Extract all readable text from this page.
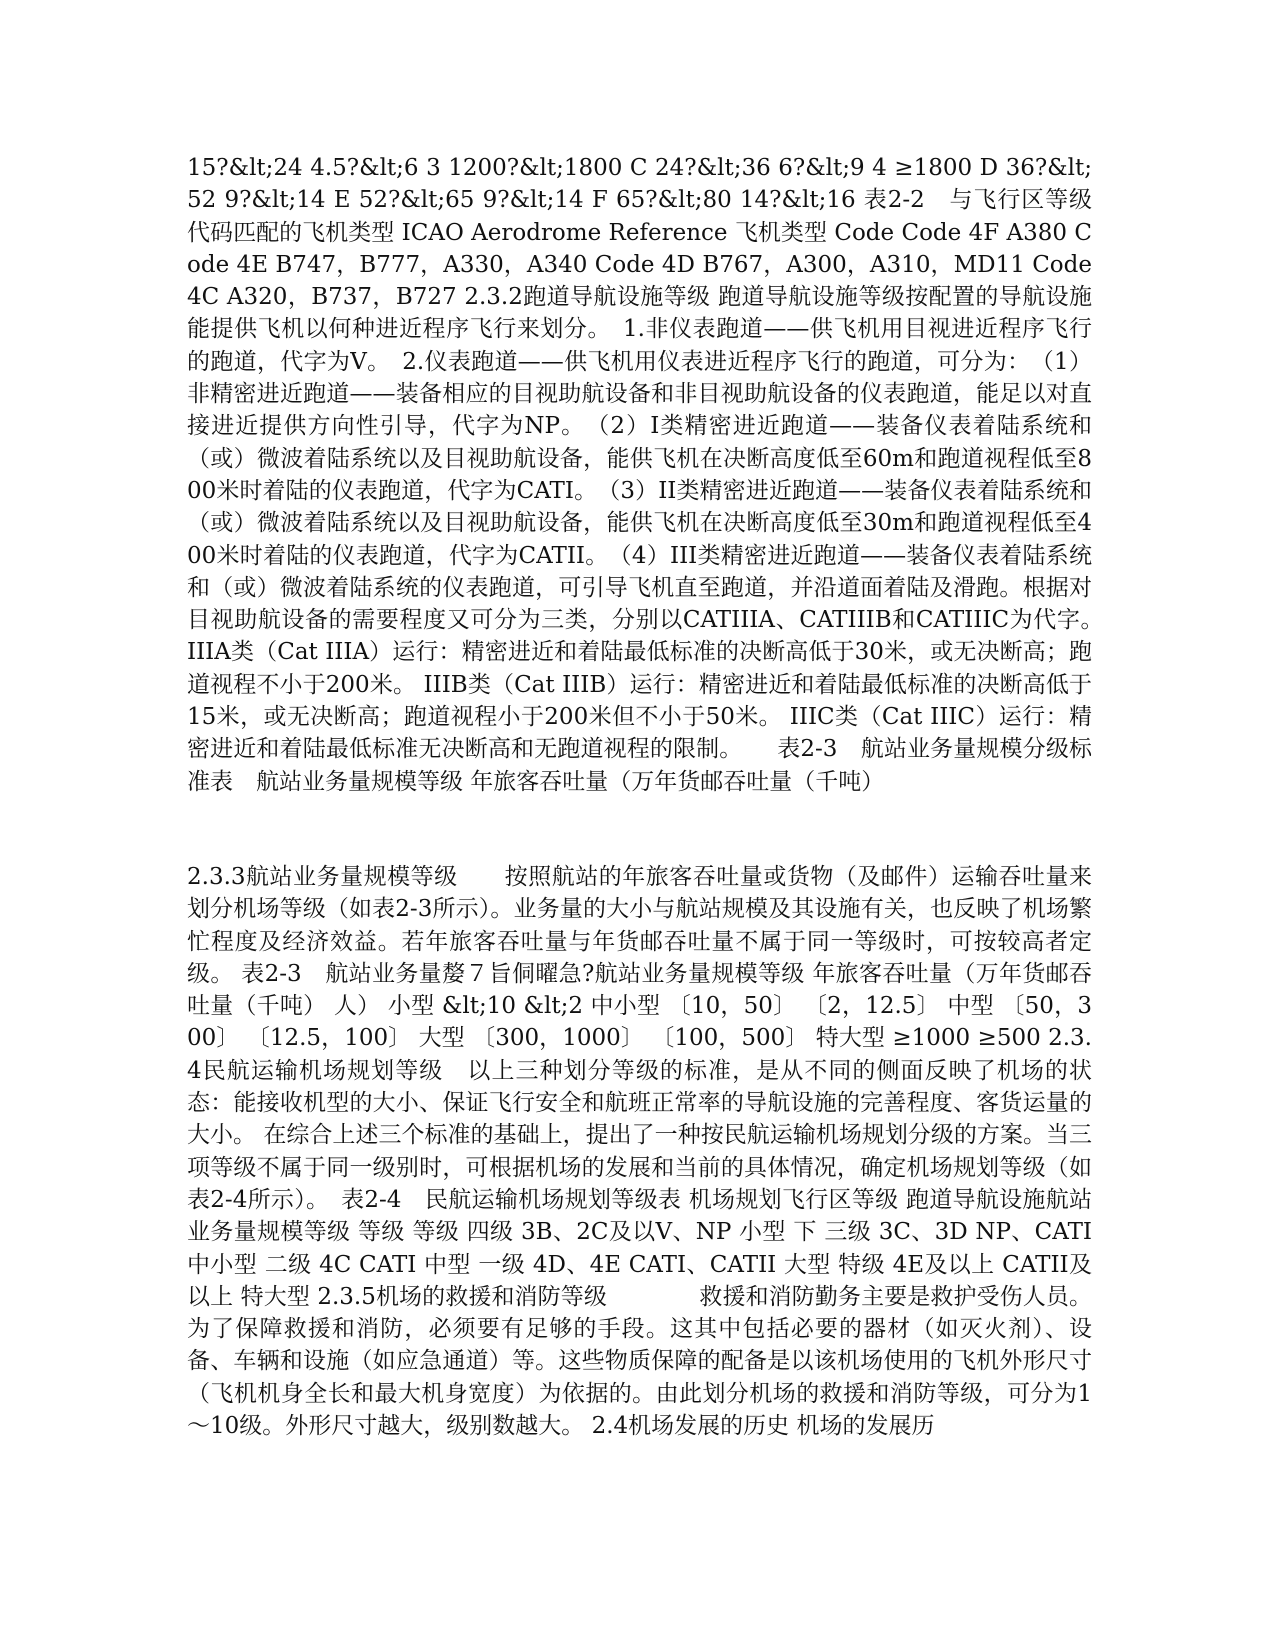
15?&lt;24 4.5?&lt;6 3 1200?&lt;1800 C 24?&lt;36 6?&lt;9 4 ≥1800 D 36?&lt;52 9?&lt;14 E 52?&lt;65 9?&lt;14 F 65?&lt;80 14?&lt;16 表2-2　与飞行区等级代码匹配的飞机类型 ICAO Aerodrome Reference 飞机类型 Code Code 4F A380 Code 4E B747，B777，A330，A340 Code 4D B767，A300，A310，MD11 Code 4C A320，B737，B727 2.3.2跑道导航设施等级 跑道导航设施等级按配置的导航设施能提供飞机以何种进近程序飞行来划分。　1.非仪表跑道——供飞机用目视进近程序飞行的跑道，代字为V。　2.仪表跑道——供飞机用仪表进近程序飞行的跑道，可分为：　（1）非精密进近跑道——装备相应的目视助航设备和非目视助航设备的仪表跑道，能足以对直接进近提供方向性引导，代字为NP。　（2）I类精密进近跑道——装备仪表着陆系统和（或）微波着陆系统以及目视助航设备，能供飞机在决断高度低至60m和跑道视程低至800米时着陆的仪表跑道，代字为CATI。　（3）II类精密进近跑道——装备仪表着陆系统和（或）微波着陆系统以及目视助航设备，能供飞机在决断高度低至30m和跑道视程低至400米时着陆的仪表跑道，代字为CATII。　（4）III类精密进近跑道——装备仪表着陆系统和（或）微波着陆系统的仪表跑道，可引导飞机直至跑道，并沿道面着陆及滑跑。根据对目视助航设备的需要程度又可分为三类，分别以CATIIIA、CATIIIB和CATIIIC为代字。　IIIA类（Cat IIIA）运行：精密进近和着陆最低标准的决断高低于30米，或无决断高；跑道视程不小于200米。 IIIB类（Cat IIIB）运行：精密进近和着陆最低标准的决断高低于15米，或无决断高；跑道视程小于200米但不小于50米。 IIIC类（Cat IIIC）运行：精密进近和着陆最低标准无决断高和无跑道视程的限制。　　表2-3　航站业务量规模分级标准表　航站业务量规模等级 年旅客吞吐量（万年货邮吞吐量（千吨）

2.3.3航站业务量规模等级　　按照航站的年旅客吞吐量或货物（及邮件）运输吞吐量来划分机场等级（如表2-3所示）。业务量的大小与航站规模及其设施有关，也反映了机场繁忙程度及经济效益。若年旅客吞吐量与年货邮吞吐量不属于同一等级时，可按较高者定级。 表2-3　航站业务量嫠７旨侗曜急?航站业务量规模等级 年旅客吞吐量（万年货邮吞吐量（千吨） 人） 小型 &lt;10 &lt;2 中小型 〔10，50〕 〔2，12.5〕 中型 〔50，300〕 〔12.5，100〕 大型 〔300，1000〕 〔100，500〕 特大型 ≥1000 ≥500 2.3.4民航运输机场规划等级　以上三种划分等级的标准，是从不同的侧面反映了机场的状态：能接收机型的大小、保证飞行安全和航班正常率的导航设施的完善程度、客货运量的大小。 在综合上述三个标准的基础上，提出了一种按民航运输机场规划分级的方案。当三项等级不属于同一级别时，可根据机场的发展和当前的具体情况，确定机场规划等级（如表2-4所示）。　表2-4　民航运输机场规划等级表 机场规划飞行区等级 跑道导航设施航站业务量规模等级 等级 等级 四级 3B、2C及以V、NP 小型 下 三级 3C、3D NP、CATI 中小型 二级 4C CATI 中型 一级 4D、4E CATI、CATII 大型 特级 4E及以上 CATII及以上 特大型 2.3.5机场的救援和消防等级　　　　救援和消防勤务主要是救护受伤人员。为了保障救援和消防，必须要有足够的手段。这其中包括必要的器材（如灭火剂）、设备、车辆和设施（如应急通道）等。这些物质保障的配备是以该机场使用的飞机外形尺寸（飞机机身全长和最大机身宽度）为依据的。由此划分机场的救援和消防等级，可分为1～10级。外形尺寸越大，级别数越大。 2.4机场发展的历史 机场的发展历
